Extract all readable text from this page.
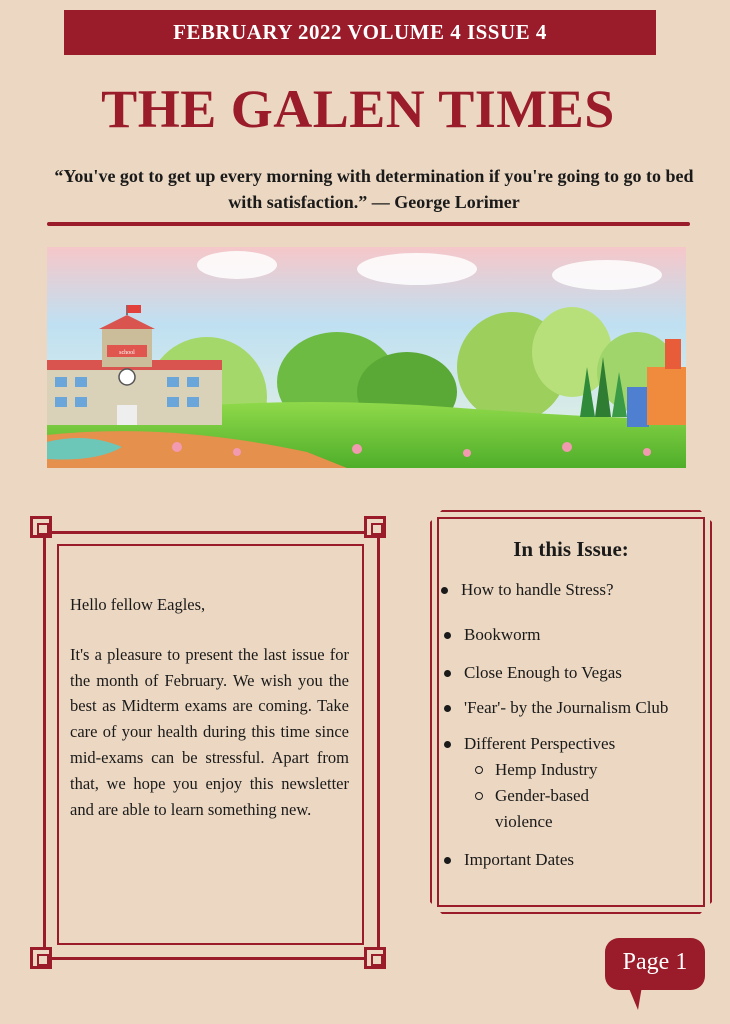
FEBRUARY 2022 VOLUME 4 ISSUE 4
THE GALEN TIMES
“You've got to get up every morning with determination if you're going to go to bed
with satisfaction.” — George Lorimer
school

Hello fellow Eagles,

It's a pleasure to present the last issue for the month of February. We wish you the best as Midterm exams are coming. Take care of your health during this time since mid-exams can be stressful. Apart from that, we hope you enjoy this newsletter and are able to learn something new.

In this Issue:
How to handle Stress?
Bookworm
Close Enough to Vegas
'Fear'- by the Journalism Club
Different Perspectives
Hemp Industry
Gender-based
violence
Important Dates
Page 1
